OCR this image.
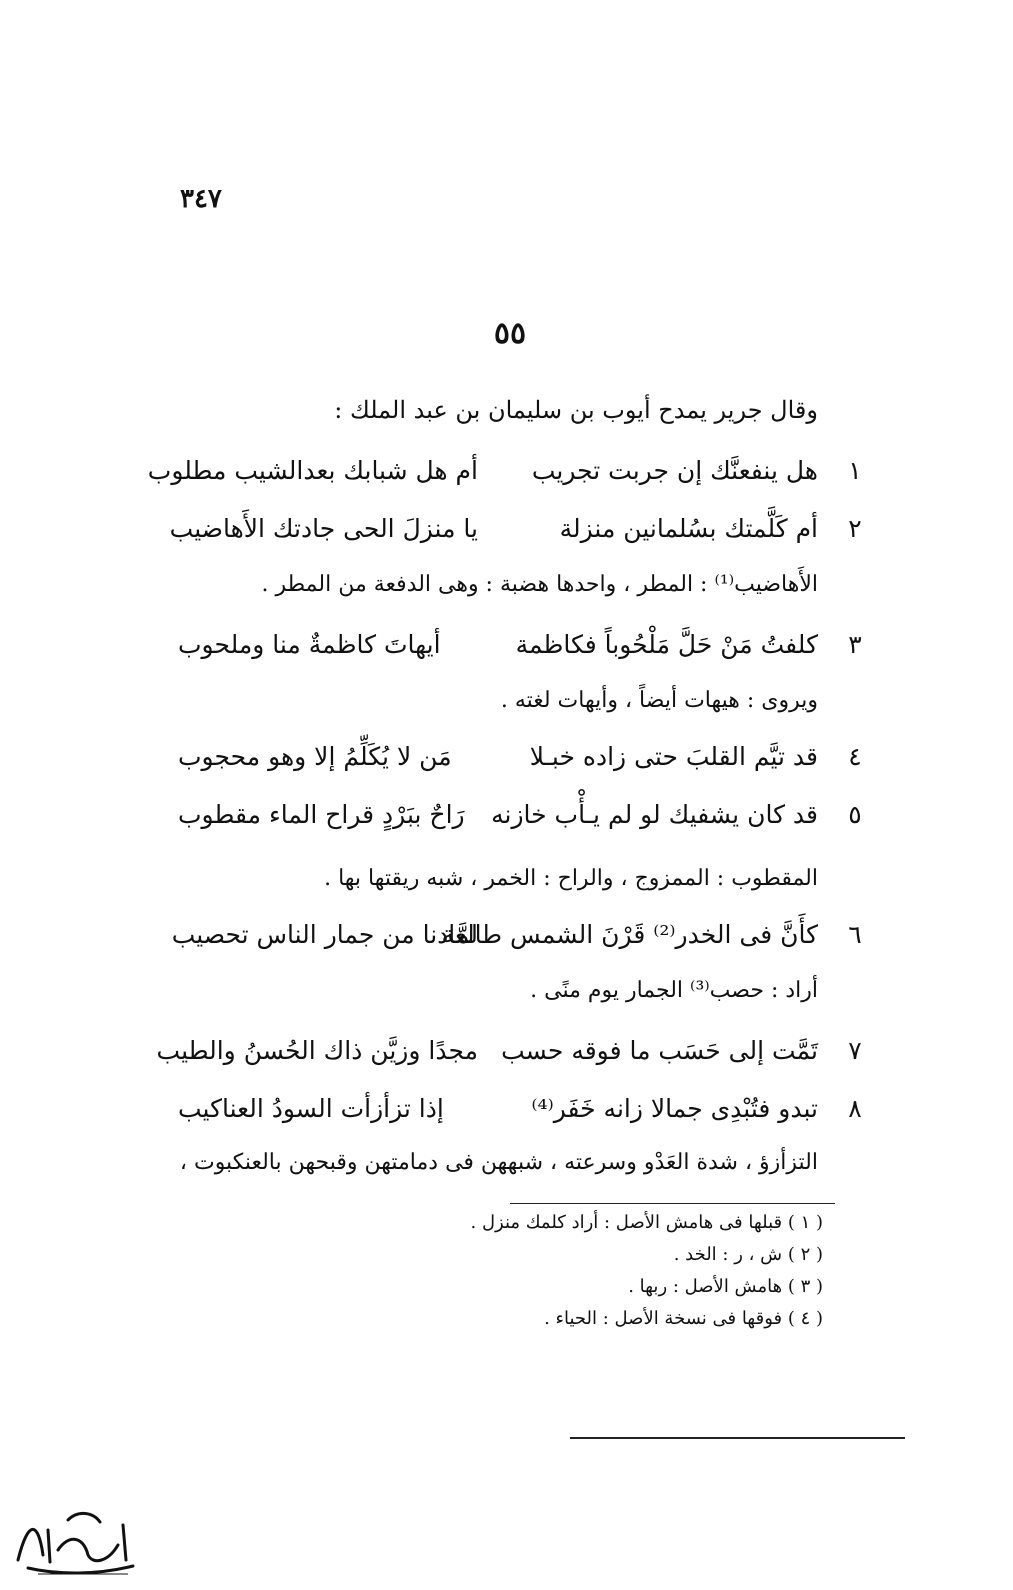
٣٤٧
٥٥
وقال جرير يمدح أيوب بن سليمان بن عبد الملك :
١
هل ينفعنَّك إن جربت تجريب
أم هل شبابك بعدالشيب مطلوب
٢
أم كَلَّمتك بسُلمانين منزلة
يا منزلَ الحى جادتك الأَهاضيب
الأَهاضيب⁽¹⁾ : المطر ، واحدها هضبة : وهى الدفعة من المطر .
٣
كلفتُ مَنْ حَلَّ مَلْحُوباً فكاظمة
أيهاتَ كاظمةٌ منا وملحوب
ويروى : هيهات أيضاً ، وأيهات لغته .
٤
قد تيَّم القلبَ حتى زاده خبـلا
مَن لا يُكَلِّمُ إلا وهو محجوب
٥
قد كان يشفيك لو لم يـأْب خازنه
رَاحٌ ببَرْدٍ قراح الماء مقطوب
المقطوب : الممزوج ، والراح : الخمر ، شبه ريقتها بها .
٦
كأَنَّ فى الخدر⁽²⁾ قَرْنَ الشمس طالعة
لمَّادنا من جمار الناس تحصيب
أراد : حصب⁽³⁾ الجمار يوم منًى .
٧
تَمَّت إلى حَسَب ما فوقه حسب
مجدًا وزيَّن ذاك الحُسنُ والطيب
٨
تبدو فتُبْدِى جمالا زانه خَفَر⁽⁴⁾
إذا تزأزأت السودُ العناكيب
التزأزؤ ، شدة العَدْو وسرعته ، شبههن فى دمامتهن وقبحهن بالعنكبوت ،
( ١ ) قبلها فى هامش الأصل : أراد كلمك منزل .
( ٢ ) ش ، ر : الخد .
( ٣ ) هامش الأصل : ربها .
( ٤ ) فوقها فى نسخة الأصل : الحياء .
